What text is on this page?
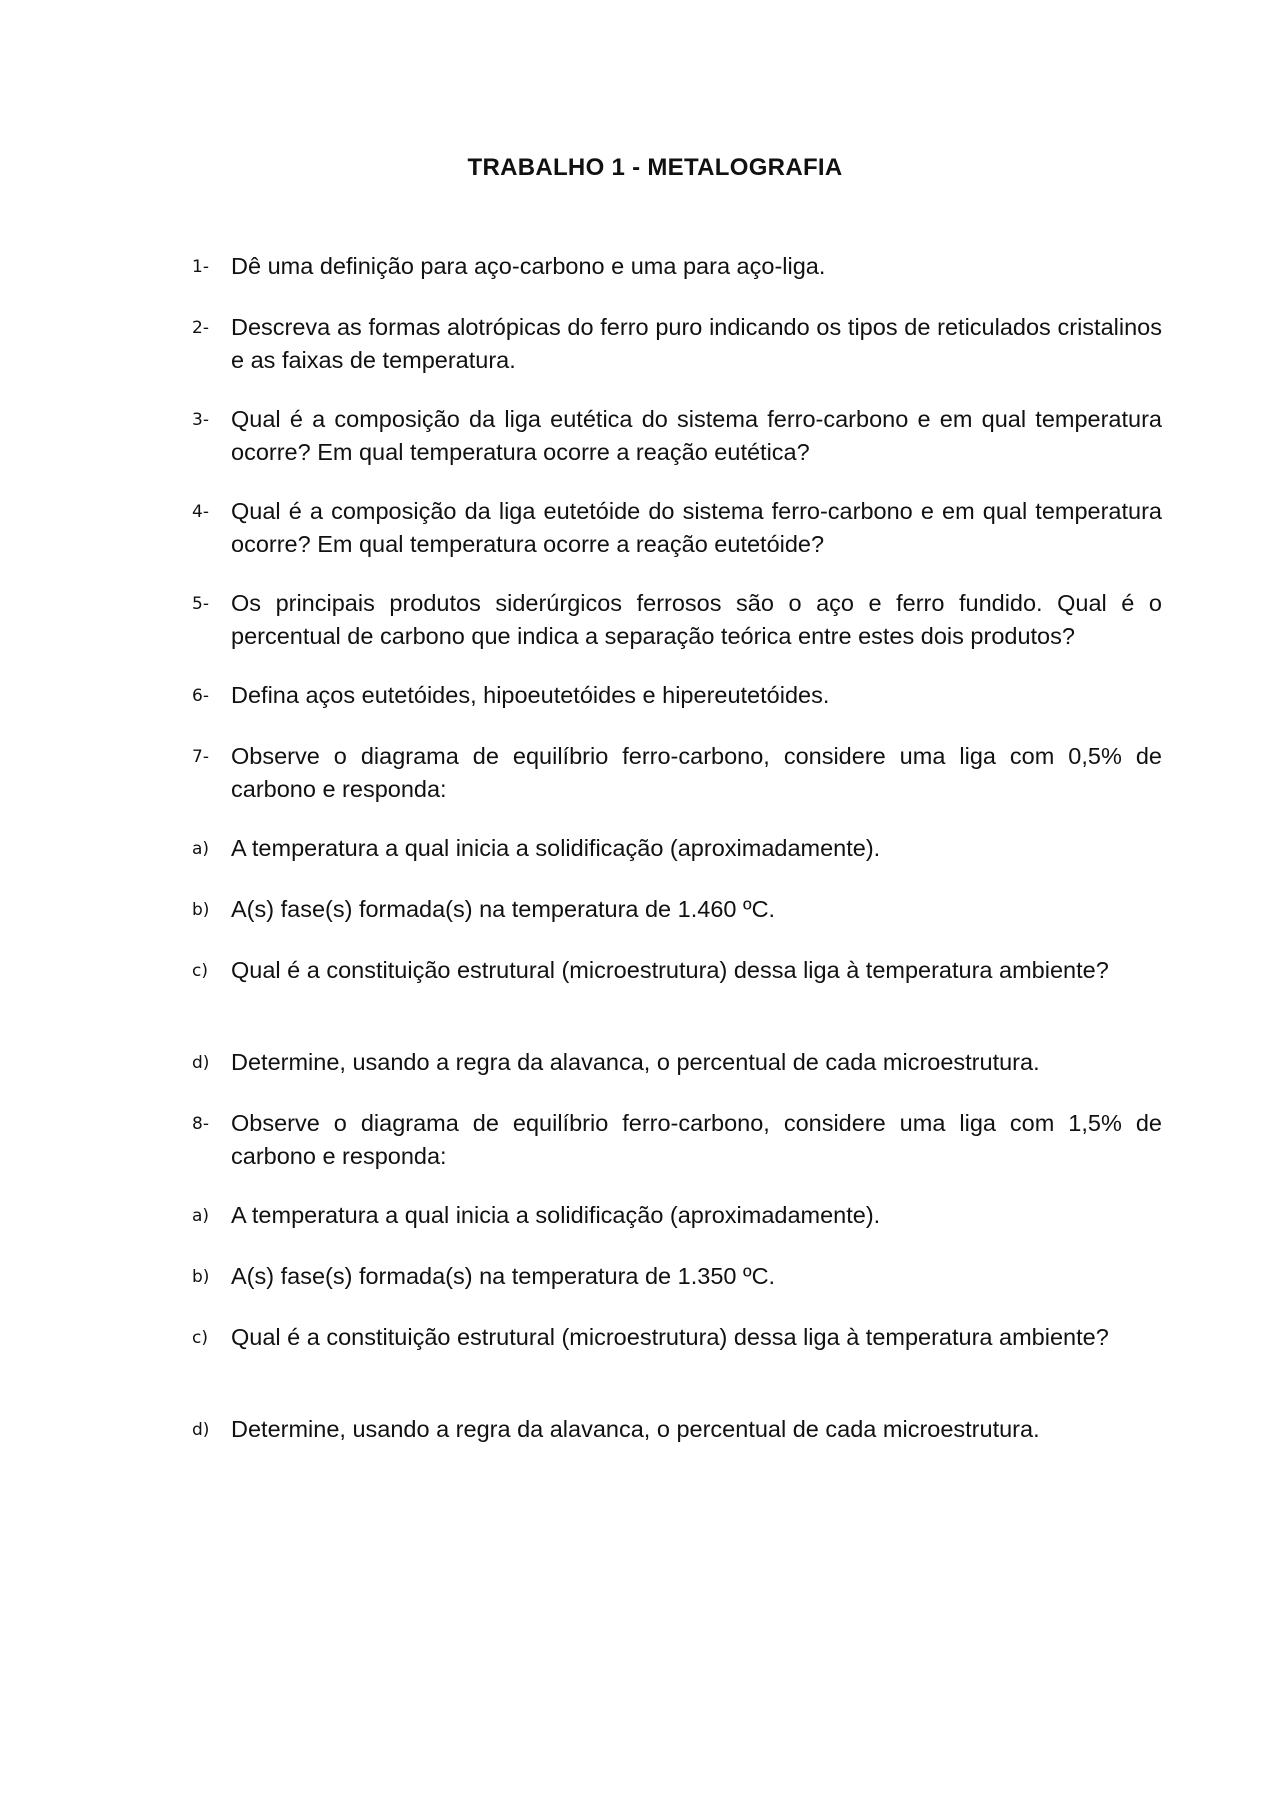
TRABALHO 1 - METALOGRAFIA
1- Dê uma definição para aço-carbono e uma para aço-liga.
2- Descreva as formas alotrópicas do ferro puro indicando os tipos de reticulados cristalinos e as faixas de temperatura.
3- Qual é a composição da liga eutética do sistema ferro-carbono e em qual temperatura ocorre? Em qual temperatura ocorre a reação eutética?
4- Qual é a composição da liga eutetóide do sistema ferro-carbono e em qual temperatura ocorre? Em qual temperatura ocorre a reação eutetóide?
5- Os principais produtos siderúrgicos ferrosos são o aço e ferro fundido. Qual é o percentual de carbono que indica a separação teórica entre estes dois produtos?
6- Defina aços eutetóides, hipoeutetóides e hipereutetóides.
7- Observe o diagrama de equilíbrio ferro-carbono, considere uma liga com 0,5% de carbono e responda:
a) A temperatura a qual inicia a solidificação (aproximadamente).
b) A(s) fase(s) formada(s) na temperatura de 1.460 ºC.
c) Qual é a constituição estrutural (microestrutura) dessa liga à temperatura ambiente?
d) Determine, usando a regra da alavanca, o percentual de cada microestrutura.
8- Observe o diagrama de equilíbrio ferro-carbono, considere uma liga com 1,5% de carbono e responda:
a) A temperatura a qual inicia a solidificação (aproximadamente).
b) A(s) fase(s) formada(s) na temperatura de 1.350 ºC.
c) Qual é a constituição estrutural (microestrutura) dessa liga à temperatura ambiente?
d) Determine, usando a regra da alavanca, o percentual de cada microestrutura.
